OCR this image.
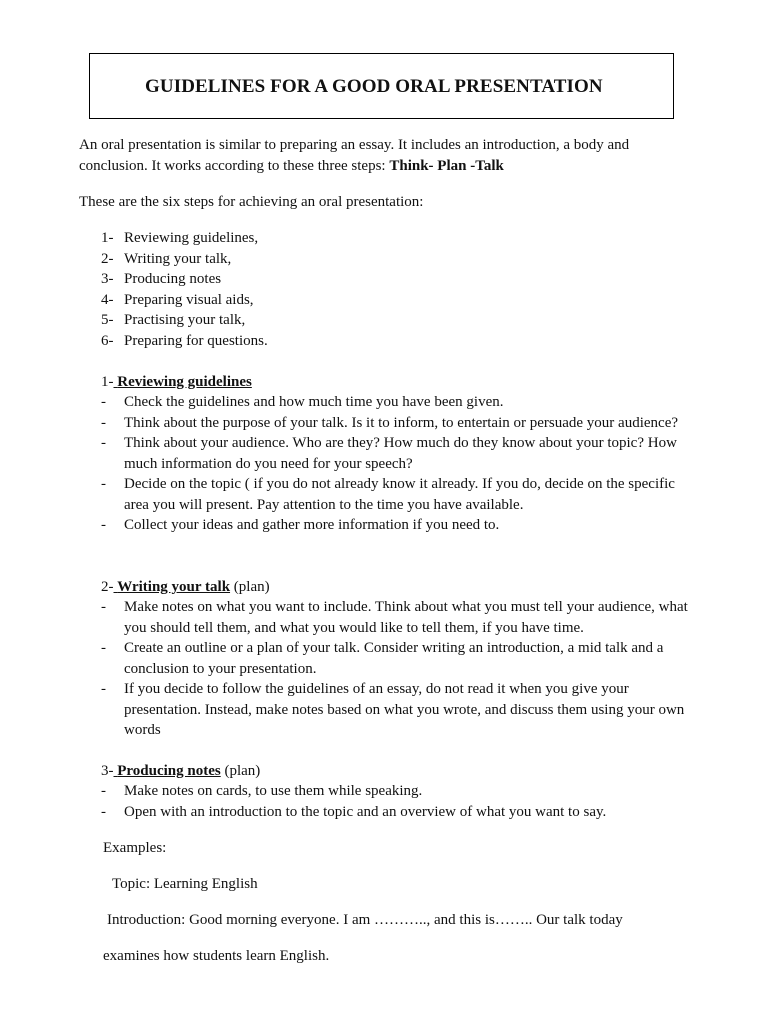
GUIDELINES FOR A GOOD ORAL PRESENTATION

An oral presentation is similar to preparing an essay. It includes an introduction, a body and conclusion. It works according to these three steps: Think- Plan -Talk

These are the six steps for achieving an oral presentation:

1- Reviewing guidelines,
2- Writing your talk,
3- Producing notes
4- Preparing visual aids,
5- Practising your talk,
6- Preparing for questions.
1- Reviewing guidelines
-	Check the guidelines and how much time you have been given.
-	Think about the purpose of your talk. Is it to inform, to entertain or persuade your audience?
-	Think about your audience. Who are they? How much do they know about your topic? How much information do you need for your speech?
-	Decide on the topic ( if you do not already know it already. If you do, decide on the specific area you will present. Pay attention to the time you have available.
-	Collect your ideas and gather more information if you need to.
2- Writing your talk (plan)
-	Make notes on what you want to include. Think about what you must tell your audience, what you should tell them, and what you would like to tell them, if you have time.
-	Create an outline or a plan of your talk. Consider writing an introduction, a mid talk and a conclusion to your presentation.
-	If you decide to follow the guidelines of an essay, do not read it when you give your presentation. Instead, make notes based on what you wrote, and discuss them using your own words
3- Producing notes (plan)
-	Make notes on cards, to use them while speaking.
-	Open with an introduction to the topic and an overview of what you want to say.
Examples:
Topic: Learning English
Introduction: Good morning everyone. I am ……….., and this is…….. Our talk today
examines how students learn English.
